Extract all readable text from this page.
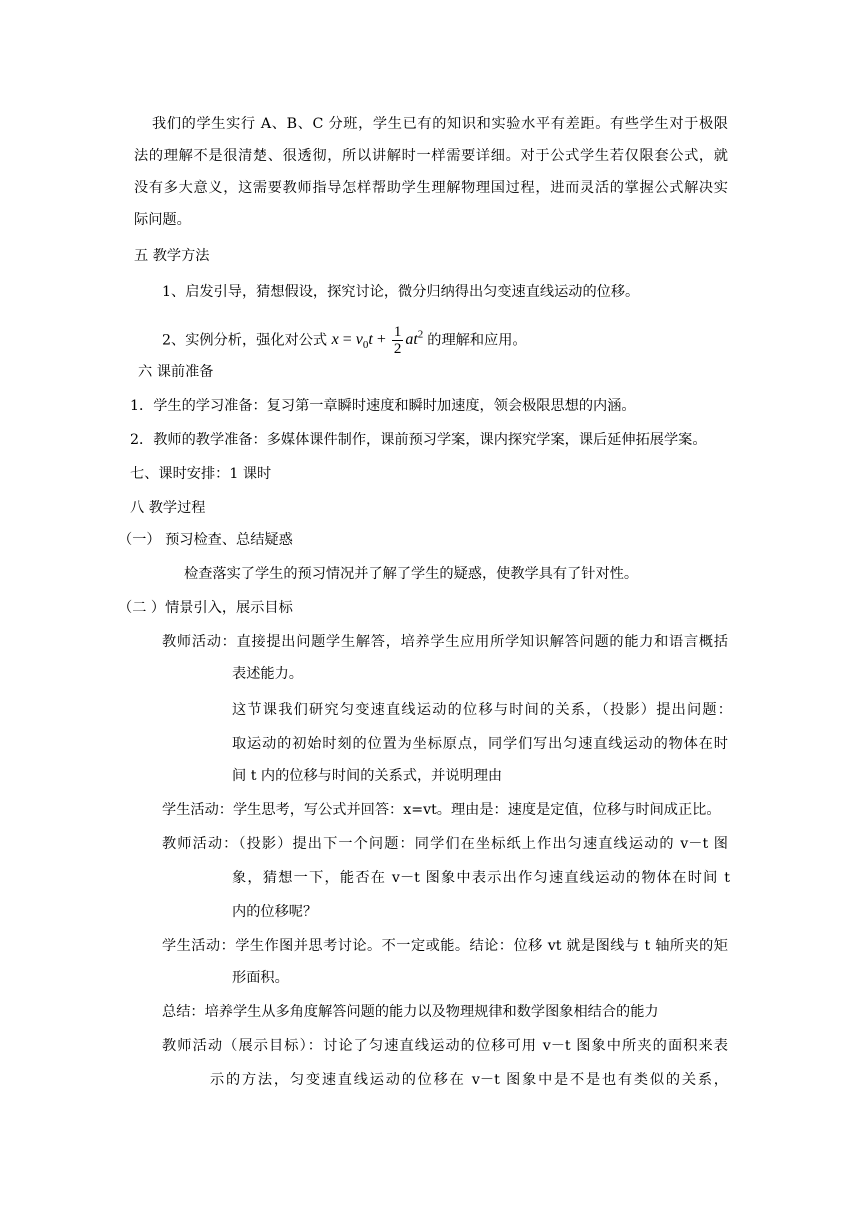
我们的学生实行 A、B、C 分班，学生已有的知识和实验水平有差距。有些学生对于极限
法的理解不是很清楚、很透彻，所以讲解时一样需要详细。对于公式学生若仅限套公式，就
没有多大意义，这需要教师指导怎样帮助学生理解物理国过程，进而灵活的掌握公式解决实
际问题。
五 教学方法
1、启发引导，猜想假设，探究讨论，微分归纳得出匀变速直线运动的位移。
2、实例分析，强化对公式 $x = v_0t + \frac{1}{2} at^2$ 的理解和应用。
六 课前准备
1．学生的学习准备：复习第一章瞬时速度和瞬时加速度，领会极限思想的内涵。
2．教师的教学准备：多媒体课件制作，课前预习学案，课内探究学案，课后延伸拓展学案。
七、课时安排：1 课时
八 教学过程
（一） 预习检查、总结疑惑
检查落实了学生的预习情况并了解了学生的疑惑，使教学具有了针对性。
（二 ）情景引入，展示目标
教师活动：直接提出问题学生解答，培养学生应用所学知识解答问题的能力和语言概括
表述能力。
这节课我们研究匀变速直线运动的位移与时间的关系，（投影）提出问题：
取运动的初始时刻的位置为坐标原点，同学们写出匀速直线运动的物体在时
间 t 内的位移与时间的关系式，并说明理由
学生活动：学生思考，写公式并回答：x=vt。理由是：速度是定值，位移与时间成正比。
教师活动：（投影）提出下一个问题：同学们在坐标纸上作出匀速直线运动的 v－t 图
象，猜想一下，能否在 v－t 图象中表示出作匀速直线运动的物体在时间 t
内的位移呢？
学生活动：学生作图并思考讨论。不一定或能。结论：位移 vt 就是图线与 t 轴所夹的矩
形面积。
总结：培养学生从多角度解答问题的能力以及物理规律和数学图象相结合的能力
教师活动（展示目标）：讨论了匀速直线运动的位移可用 v－t 图象中所夹的面积来表
示的方法，匀变速直线运动的位移在 v－t 图象中是不是也有类似的关系，
